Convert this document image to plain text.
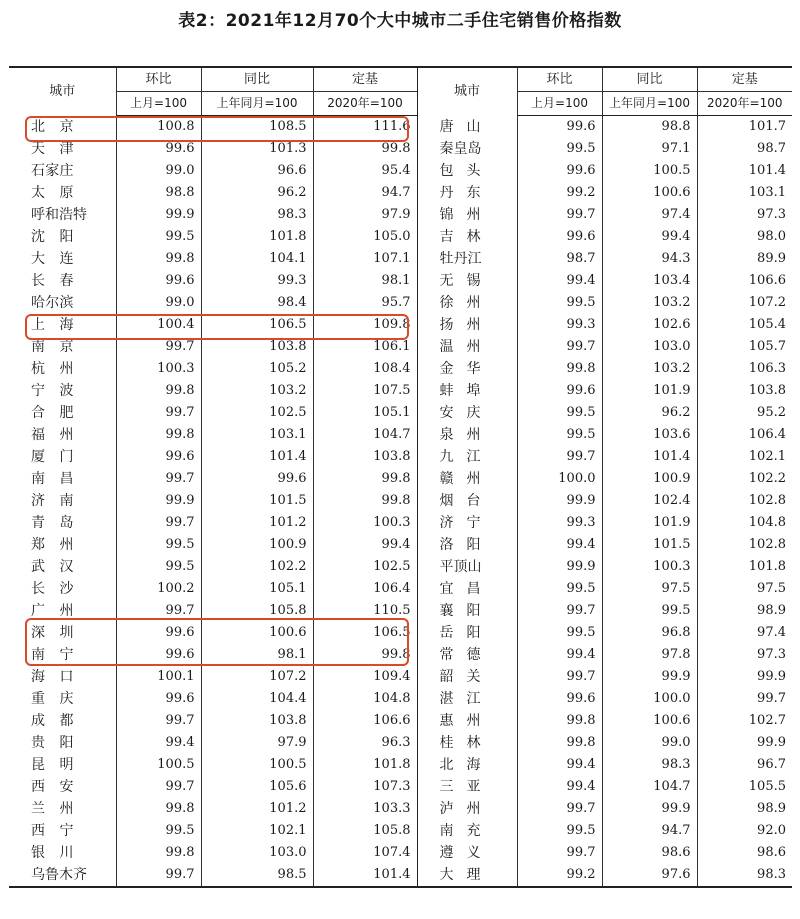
表2：2021年12月70个大中城市二手住宅销售价格指数
城市	环比	同比	定基	城市	环比	同比	定基
	上月=100	上年同月=100	2020年=100		上月=100	上年同月=100	2020年=100
北京	100.8	108.5	111.6	唐山	99.6	98.8	101.7
天津	99.6	101.3	99.8	秦皇岛	99.5	97.1	98.7
石家庄	99.0	96.6	95.4	包头	99.6	100.5	101.4
太原	98.8	96.2	94.7	丹东	99.2	100.6	103.1
呼和浩特	99.9	98.3	97.9	锦州	99.7	97.4	97.3
沈阳	99.5	101.8	105.0	吉林	99.6	99.4	98.0
大连	99.8	104.1	107.1	牡丹江	98.7	94.3	89.9
长春	99.6	99.3	98.1	无锡	99.4	103.4	106.6
哈尔滨	99.0	98.4	95.7	徐州	99.5	103.2	107.2
上海	100.4	106.5	109.8	扬州	99.3	102.6	105.4
南京	99.7	103.8	106.1	温州	99.7	103.0	105.7
杭州	100.3	105.2	108.4	金华	99.8	103.2	106.3
宁波	99.8	103.2	107.5	蚌埠	99.6	101.9	103.8
合肥	99.7	102.5	105.1	安庆	99.5	96.2	95.2
福州	99.8	103.1	104.7	泉州	99.5	103.6	106.4
厦门	99.6	101.4	103.8	九江	99.7	101.4	102.1
南昌	99.7	99.6	99.8	赣州	100.0	100.9	102.2
济南	99.9	101.5	99.8	烟台	99.9	102.4	102.8
青岛	99.7	101.2	100.3	济宁	99.3	101.9	104.8
郑州	99.5	100.9	99.4	洛阳	99.4	101.5	102.8
武汉	99.5	102.2	102.5	平顶山	99.9	100.3	101.8
长沙	100.2	105.1	106.4	宜昌	99.5	97.5	97.5
广州	99.7	105.8	110.5	襄阳	99.7	99.5	98.9
深圳	99.6	100.6	106.5	岳阳	99.5	96.8	97.4
南宁	99.6	98.1	99.8	常德	99.4	97.8	97.3
海口	100.1	107.2	109.4	韶关	99.7	99.9	99.9
重庆	99.6	104.4	104.8	湛江	99.6	100.0	99.7
成都	99.7	103.8	106.6	惠州	99.8	100.6	102.7
贵阳	99.4	97.9	96.3	桂林	99.8	99.0	99.9
昆明	100.5	100.5	101.8	北海	99.4	98.3	96.7
西安	99.7	105.6	107.3	三亚	99.4	104.7	105.5
兰州	99.8	101.2	103.3	泸州	99.7	99.9	98.9
西宁	99.5	102.1	105.8	南充	99.5	94.7	92.0
银川	99.8	103.0	107.4	遵义	99.7	98.6	98.6
乌鲁木齐	99.7	98.5	101.4	大理	99.2	97.6	98.3
